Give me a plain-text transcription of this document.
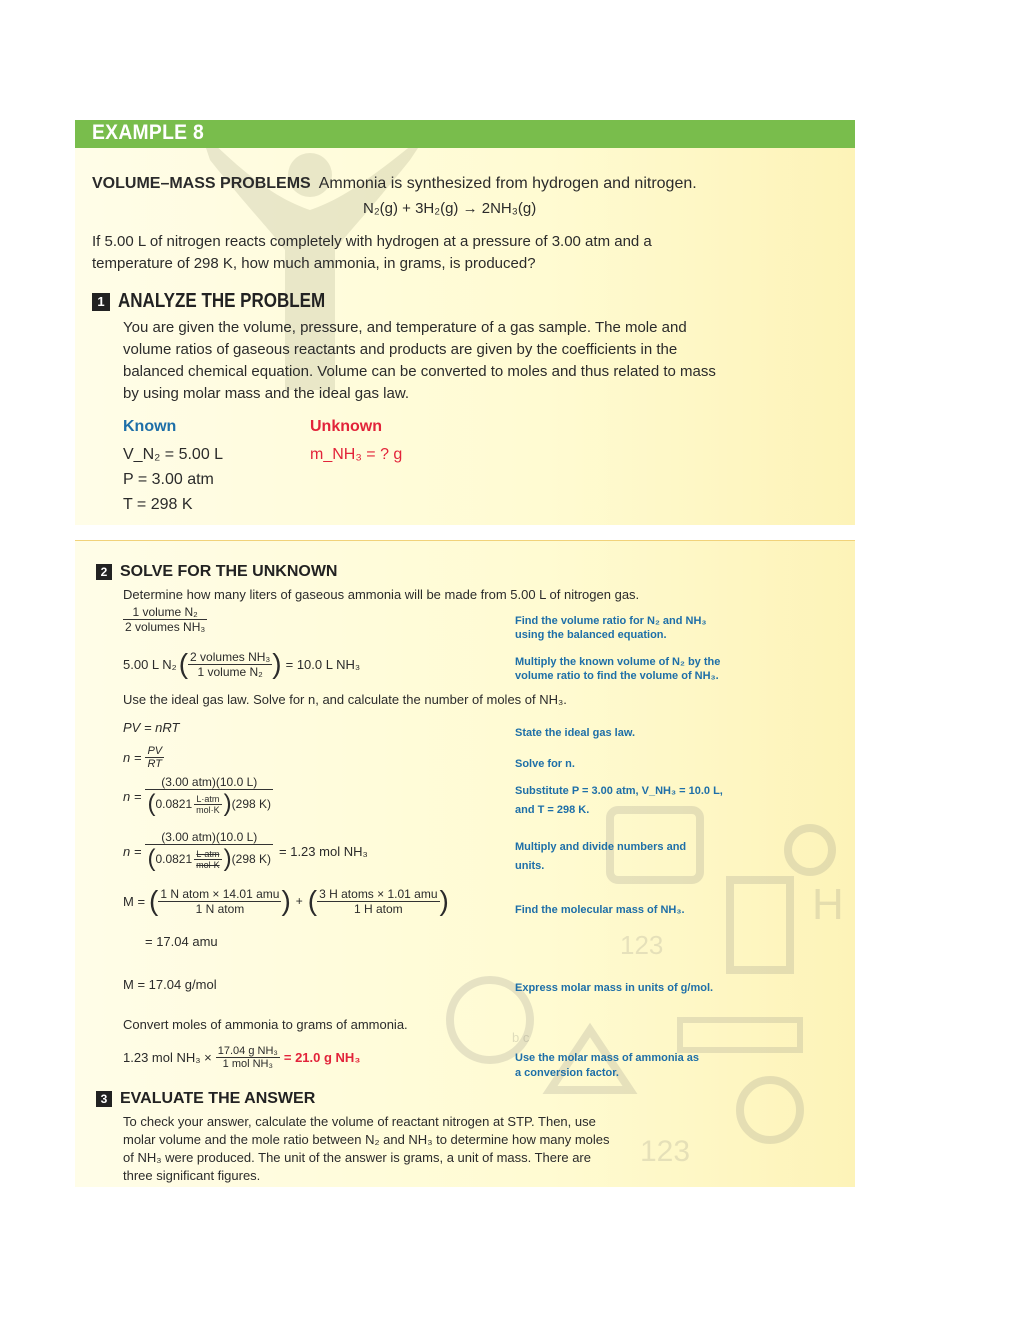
123
123
H
b c
EXAMPLE 8
VOLUME–MASS PROBLEMS Ammonia is synthesized from hydrogen and nitrogen.
N₂(g) + 3H₂(g) → 2NH₃(g)
If 5.00 L of nitrogen reacts completely with hydrogen at a pressure of 3.00 atm and a
temperature of 298 K, how much ammonia, in grams, is produced?
1 ANALYZE THE PROBLEM
You are given the volume, pressure, and temperature of a gas sample. The mole and
volume ratios of gaseous reactants and products are given by the coefficients in the
balanced chemical equation. Volume can be converted to moles and thus related to mass
by using molar mass and the ideal gas law.
Known	Unknown
V_N₂ = 5.00 L
P = 3.00 atm
T = 298 K
m_NH₃ = ? g
2 SOLVE FOR THE UNKNOWN
Determine how many liters of gaseous ammonia will be made from 5.00 L of nitrogen gas.
$\frac{\text{1 volume N₂}}{\text{2 volumes NH₃}}$
5.00 L N₂ ( $\frac{\text{2 volumes NH₃}}{\text{1 volume N₂}}$ ) = 10.0 L NH₃
Use the ideal gas law. Solve for n, and calculate the number of moles of NH₃.
PV = nRT
$n = \frac{PV}{RT}$
n =
(3.00 atm)(10.0 L)
( $0.0821 \frac{\text{L·atm}}{\text{mol·K}}$ ) (298 K)
n =
(3.00 atm)(10.0 L)
( $0.0821 \frac{\text{L·atm}}{\text{mol·K}}$ ) (298 K) = 1.23 mol NH₃
M = ( $\frac{\text{1 N atom × 14.01 amu}}{\text{1 N atom}}$ ) + ( $\frac{\text{3 H atoms × 1.01 amu}}{\text{1 H atom}}$ )
= 17.04 amu
M = 17.04 g/mol
Convert moles of ammonia to grams of ammonia.
1.23 mol $NH_3 \times \frac{\text{17.04 g NH₃}}{\text{1 mol NH₃}} = 21.0$ g NH₃
Find the volume ratio for N₂ and NH₃
using the balanced equation.
Multiply the known volume of N₂ by the
volume ratio to find the volume of NH₃.
State the ideal gas law.
Solve for n.
Substitute P = 3.00 atm, V_NH₃ = 10.0 L,
and T = 298 K.
Multiply and divide numbers and
units.
Find the molecular mass of NH₃.
Express molar mass in units of g/mol.
Use the molar mass of ammonia as
a conversion factor.
3 EVALUATE THE ANSWER
To check your answer, calculate the volume of reactant nitrogen at STP. Then, use
molar volume and the mole ratio between N₂ and NH₃ to determine how many moles
of NH₃ were produced. The unit of the answer is grams, a unit of mass. There are
three significant figures.
